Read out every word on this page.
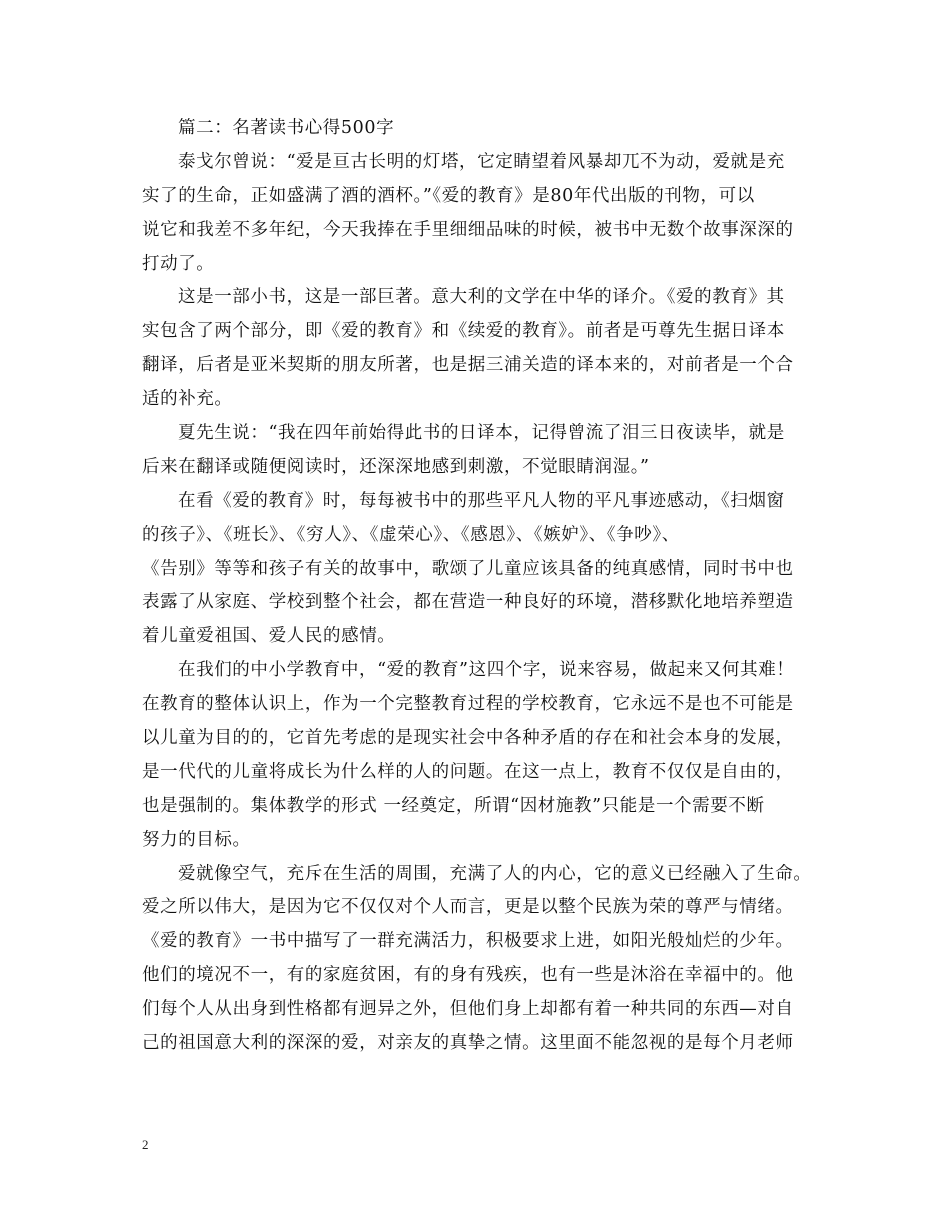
篇二：名著读书心得500字
泰戈尔曾说：“爱是亘古长明的灯塔，它定睛望着风暴却兀不为动，爱就是充
实了的生命，正如盛满了酒的酒杯。”《爱的教育》是80年代出版的刊物，可以
说它和我差不多年纪，今天我捧在手里细细品味的时候，被书中无数个故事深深的
打动了。
这是一部小书，这是一部巨著。意大利的文学在中华的译介。《爱的教育》其
实包含了两个部分，即《爱的教育》和《续爱的教育》。前者是丏尊先生据日译本
翻译，后者是亚米契斯的朋友所著，也是据三浦关造的译本来的，对前者是一个合
适的补充。
夏先生说：“我在四年前始得此书的日译本，记得曾流了泪三日夜读毕，就是
后来在翻译或随便阅读时，还深深地感到刺激，不觉眼睛润湿。”
在看《爱的教育》时，每每被书中的那些平凡人物的平凡事迹感动，《扫烟窗
的孩子》、《班长》、《穷人》、《虚荣心》、《感恩》、《嫉妒》、《争吵》、
《告别》等等和孩子有关的故事中，歌颂了儿童应该具备的纯真感情，同时书中也
表露了从家庭、学校到整个社会，都在营造一种良好的环境，潜移默化地培养塑造
着儿童爱祖国、爱人民的感情。
在我们的中小学教育中，“爱的教育”这四个字，说来容易，做起来又何其难！
在教育的整体认识上，作为一个完整教育过程的学校教育，它永远不是也不可能是
以儿童为目的的，它首先考虑的是现实社会中各种矛盾的存在和社会本身的发展，
是一代代的儿童将成长为什么样的人的问题。在这一点上，教育不仅仅是自由的，
也是强制的。集体教学的形式 一经奠定，所谓“因材施教”只能是一个需要不断
努力的目标。
爱就像空气，充斥在生活的周围，充满了人的内心，它的意义已经融入了生命。
爱之所以伟大，是因为它不仅仅对个人而言，更是以整个民族为荣的尊严与情绪。
《爱的教育》一书中描写了一群充满活力，积极要求上进，如阳光般灿烂的少年。
他们的境况不一，有的家庭贫困，有的身有残疾，也有一些是沐浴在幸福中的。他
们每个人从出身到性格都有迥异之外，但他们身上却都有着一种共同的东西—对自
己的祖国意大利的深深的爱，对亲友的真挚之情。这里面不能忽视的是每个月老师
2
